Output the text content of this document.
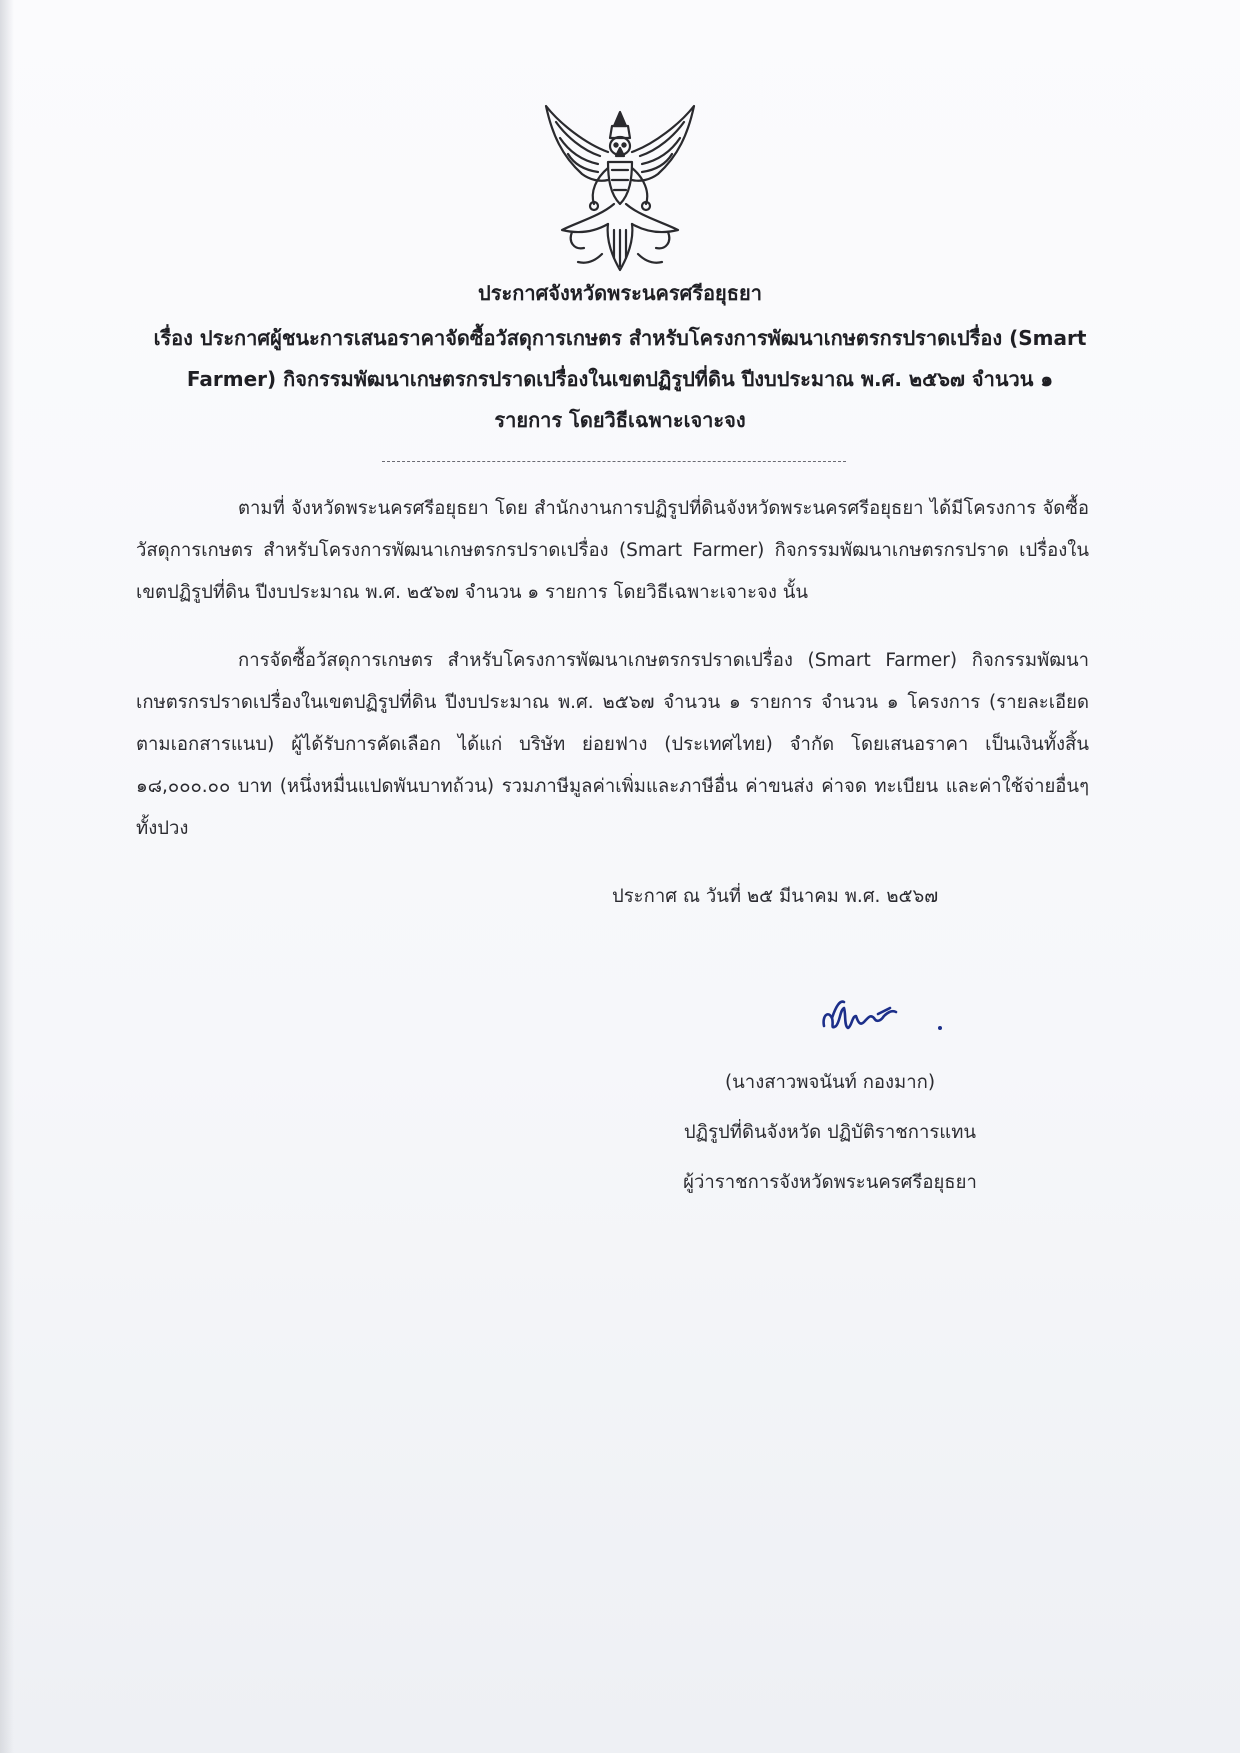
ประกาศจังหวัดพระนครศรีอยุธยา
เรื่อง ประกาศผู้ชนะการเสนอราคาจัดซื้อวัสดุการเกษตร สำหรับโครงการพัฒนาเกษตรกรปราดเปรื่อง (Smart Farmer) กิจกรรมพัฒนาเกษตรกรปราดเปรื่องในเขตปฏิรูปที่ดิน ปีงบประมาณ พ.ศ. ๒๕๖๗ จำนวน ๑ รายการ โดยวิธีเฉพาะเจาะจง
ตามที่ จังหวัดพระนครศรีอยุธยา โดย สำนักงานการปฏิรูปที่ดินจังหวัดพระนครศรีอยุธยา ได้มีโครงการ จัดซื้อวัสดุการเกษตร สำหรับโครงการพัฒนาเกษตรกรปราดเปรื่อง (Smart Farmer) กิจกรรมพัฒนาเกษตรกรปราด เปรื่องในเขตปฏิรูปที่ดิน ปีงบประมาณ พ.ศ. ๒๕๖๗ จำนวน ๑ รายการ โดยวิธีเฉพาะเจาะจง นั้น
การจัดซื้อวัสดุการเกษตร สำหรับโครงการพัฒนาเกษตรกรปราดเปรื่อง (Smart Farmer) กิจกรรมพัฒนา เกษตรกรปราดเปรื่องในเขตปฏิรูปที่ดิน ปีงบประมาณ พ.ศ. ๒๕๖๗ จำนวน ๑ รายการ จำนวน ๑ โครงการ (รายละเอียดตามเอกสารแนบ) ผู้ได้รับการคัดเลือก ได้แก่ บริษัท ย่อยฟาง (ประเทศไทย) จำกัด โดยเสนอราคา เป็นเงินทั้งสิ้น ๑๘,๐๐๐.๐๐ บาท (หนึ่งหมื่นแปดพันบาทถ้วน) รวมภาษีมูลค่าเพิ่มและภาษีอื่น ค่าขนส่ง ค่าจด ทะเบียน และค่าใช้จ่ายอื่นๆ ทั้งปวง
ประกาศ ณ วันที่ ๒๕ มีนาคม พ.ศ. ๒๕๖๗
(นางสาวพจนันท์ กองมาก)
ปฏิรูปที่ดินจังหวัด ปฏิบัติราชการแทน
ผู้ว่าราชการจังหวัดพระนครศรีอยุธยา
